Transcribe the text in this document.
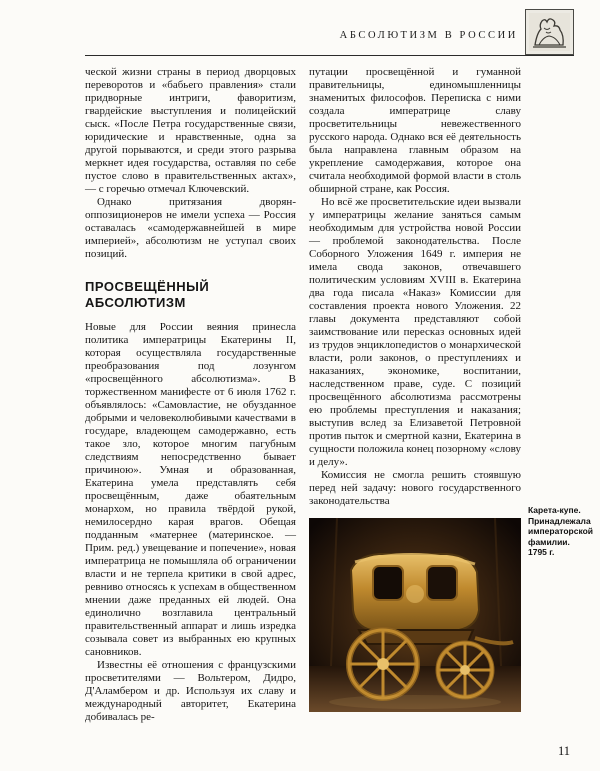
АБСОЛЮТИЗМ В РОССИИ

ческой жизни страны в период дворцовых переворотов и «бабьего правления» стали придворные интриги, фаворитизм, гвардейские выступления и полицейский сыск. «После Петра государственные связи, юридические и нравственные, одна за другой порываются, и среди этого разрыва меркнет идея государства, оставляя по себе пустое слово в правительственных актах», — с горечью отмечал Ключевский.

Однако притязания дворян-оппозиционеров не имели успеха — Россия оставалась «самодержавнейшей в мире империей», абсолютизм не уступал своих позиций.

ПРОСВЕЩЁННЫЙ
АБСОЛЮТИЗМ

Новые для России веяния принесла политика императрицы Екатерины II, которая осуществляла государственные преобразования под лозунгом «просвещённого абсолютизма». В торжественном манифесте от 6 июля 1762 г. объявлялось: «Самовластие, не обузданное добрыми и человеколюбивыми качествами в государе, владеющем самодержавно, есть такое зло, которое многим пагубным следствиям непосредственно бывает причиною». Умная и образованная, Екатерина умела представлять себя просвещённым, даже обаятельным монархом, но правила твёрдой рукой, немилосердно карая врагов. Обещая подданным «матернее (материнское. — Прим. ред.) увещевание и попечение», новая императрица не помышляла об ограничении власти и не терпела критики в свой адрес, ревниво относясь к успехам в общественном мнении даже преданных ей людей. Она единолично возглавила центральный правительственный аппарат и лишь изредка созывала совет из выбранных ею крупных сановников.

Известны её отношения с французскими просветителями — Вольтером, Дидро, Д'Аламбером и др. Используя их славу и международный авторитет, Екатерина добивалась ре-

путации просвещённой и гуманной правительницы, единомышленницы знаменитых философов. Переписка с ними создала императрице славу просветительницы невежественного русского народа. Однако вся её деятельность была направлена главным образом на укрепление самодержавия, которое она считала необходимой формой власти в столь обширной стране, как Россия.

Но всё же просветительские идеи вызвали у императрицы желание заняться самым необходимым для устройства новой России — проблемой законодательства. После Соборного Уложения 1649 г. империя не имела свода законов, отвечавшего политическим условиям XVIII в. Екатерина два года писала «Наказ» Комиссии для составления проекта нового Уложения. 22 главы документа представляют собой заимствование или пересказ основных идей из трудов энциклопедистов о монархической власти, роли законов, о преступлениях и наказаниях, экономике, воспитании, наследственном праве, суде. С позиций просвещённого абсолютизма рассмотрены ею проблемы преступления и наказания; выступив вслед за Елизаветой Петровной против пыток и смертной казни, Екатерина в сущности положила конец позорному «слову и делу».

Комиссия не смогла решить стоявшую перед ней задачу: нового государственного законодательства

Карета-купе. Принадлежала императорской фамилии. 1795 г.
11
